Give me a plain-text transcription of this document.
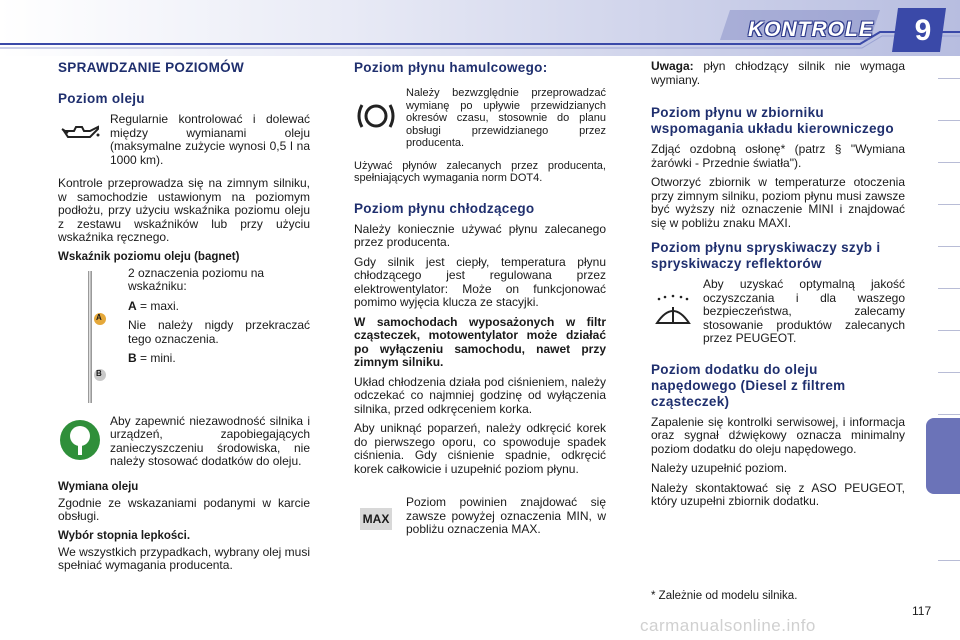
KONTROLE	9
SPRAWDZANIE POZIOMÓW
Poziom oleju

Regularnie kontrolować i dolewać między wymianami oleju (maksymalne zużycie wynosi 0,5 l na 1000 km).

Kontrole przeprowadza się na zimnym silniku, w samochodzie ustawionym na poziomym podłożu, przy użyciu wskaźnika poziomu oleju z zestawu wskaźników lub przy użyciu wskaźnika ręcznego.

Wskaźnik poziomu oleju (bagnet)
A
B

2 oznaczenia poziomu na wskaźniku:

A = maxi.

Nie należy nigdy przekraczać tego oznaczenia.

B = mini.

Aby zapewnić niezawodność silnika i urządzeń, zapobiegających zanieczyszczeniu środowiska, nie należy stosować dodatków do oleju.

Wymiana oleju

Zgodnie ze wskazaniami podanymi w karcie obsługi.

Wybór stopnia lepkości.

We wszystkich przypadkach, wybrany olej musi spełniać wymagania producenta.

Poziom płynu hamulcowego:

Należy bezwzględnie przeprowadzać wymianę po upływie przewidzianych okresów czasu, stosownie do planu obsługi przewidzianego przez producenta.

Używać płynów zalecanych przez producenta, spełniających wymagania norm DOT4.

Poziom płynu chłodzącego

Należy koniecznie używać płynu zalecanego przez producenta.

Gdy silnik jest ciepły, temperatura płynu chłodzącego jest regulowana przez elektrowentylator: Może on funkcjonować pomimo wyjęcia klucza ze stacyjki.

W samochodach wyposażonych w filtr cząsteczek, motowentylator może działać po wyłączeniu samochodu, nawet przy zimnym silniku.

Układ chłodzenia działa pod ciśnieniem, należy odczekać co najmniej godzinę od wyłączenia silnika, przed odkręceniem korka.

Aby uniknąć poparzeń, należy odkręcić korek do pierwszego oporu, co spowoduje spadek ciśnienia. Gdy ciśnienie spadnie, odkręcić korek całkowicie i uzupełnić poziom płynu.

MAX

Poziom powinien znajdować się zawsze powyżej oznaczenia MIN, w pobliżu oznaczenia MAX.

Uwaga: płyn chłodzący silnik nie wymaga wymiany.

Poziom płynu w zbiorniku wspomagania układu kierowniczego

Zdjąć ozdobną osłonę* (patrz § "Wymiana żarówki - Przednie światła").

Otworzyć zbiornik w temperaturze otoczenia przy zimnym silniku, poziom płynu musi zawsze być wyższy niż oznaczenie MINI i znajdować się w pobliżu znaku MAXI.

Poziom płynu spryskiwaczy szyb i spryskiwaczy reflektorów

Aby uzyskać optymalną jakość oczyszczania i dla waszego bezpieczeństwa, zalecamy stosowanie produktów zalecanych przez PEUGEOT.

Poziom dodatku do oleju napędowego (Diesel z filtrem cząsteczek)

Zapalenie się kontrolki serwisowej, i informacja oraz sygnał dźwiękowy oznacza minimalny poziom dodatku do oleju napędowego.

Należy uzupełnić poziom.

Należy skontaktować się z ASO PEUGEOT, który uzupełni zbiornik dodatku.

* Zależnie od modelu silnika.
117
carmanualsonline.info
